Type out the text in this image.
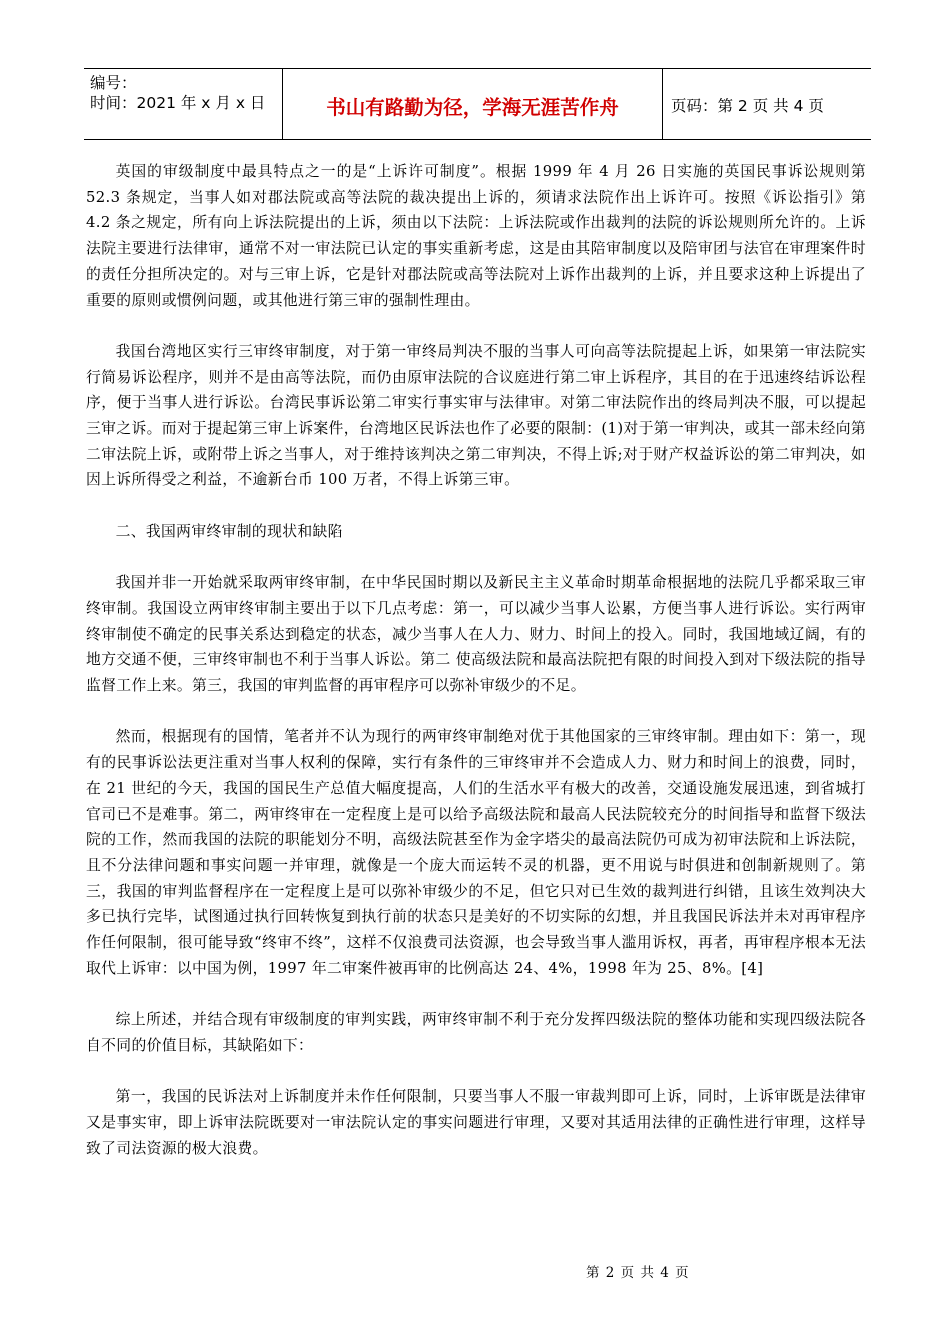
编号：
时间：2021 年 x 月 x 日	书山有路勤为径，学海无涯苦作舟	页码：第 2 页 共 4 页

英国的审级制度中最具特点之一的是“上诉许可制度”。根据 1999 年 4 月 26 日实施的英国民事诉讼规则第 52.3 条规定，当事人如对郡法院或高等法院的裁决提出上诉的，须请求法院作出上诉许可。按照《诉讼指引》第 4.2 条之规定，所有向上诉法院提出的上诉，须由以下法院：上诉法院或作出裁判的法院的诉讼规则所允许的。上诉法院主要进行法律审，通常不对一审法院已认定的事实重新考虑，这是由其陪审制度以及陪审团与法官在审理案件时的责任分担所决定的。对与三审上诉，它是针对郡法院或高等法院对上诉作出裁判的上诉，并且要求这种上诉提出了重要的原则或惯例问题，或其他进行第三审的强制性理由。

我国台湾地区实行三审终审制度，对于第一审终局判决不服的当事人可向高等法院提起上诉，如果第一审法院实行简易诉讼程序，则并不是由高等法院，而仍由原审法院的合议庭进行第二审上诉程序，其目的在于迅速终结诉讼程序，便于当事人进行诉讼。台湾民事诉讼第二审实行事实审与法律审。对第二审法院作出的终局判决不服，可以提起三审之诉。而对于提起第三审上诉案件，台湾地区民诉法也作了必要的限制：(1)对于第一审判决，或其一部未经向第二审法院上诉，或附带上诉之当事人，对于维持该判决之第二审判决，不得上诉;对于财产权益诉讼的第二审判决，如因上诉所得受之利益，不逾新台币 100 万者，不得上诉第三审。

二、我国两审终审制的现状和缺陷

我国并非一开始就采取两审终审制，在中华民国时期以及新民主主义革命时期革命根据地的法院几乎都采取三审终审制。我国设立两审终审制主要出于以下几点考虑：第一，可以减少当事人讼累，方便当事人进行诉讼。实行两审终审制使不确定的民事关系达到稳定的状态，减少当事人在人力、财力、时间上的投入。同时，我国地域辽阔，有的地方交通不便，三审终审制也不利于当事人诉讼。第二 使高级法院和最高法院把有限的时间投入到对下级法院的指导监督工作上来。第三，我国的审判监督的再审程序可以弥补审级少的不足。

然而，根据现有的国情，笔者并不认为现行的两审终审制绝对优于其他国家的三审终审制。理由如下：第一，现有的民事诉讼法更注重对当事人权利的保障，实行有条件的三审终审并不会造成人力、财力和时间上的浪费，同时，在 21 世纪的今天，我国的国民生产总值大幅度提高，人们的生活水平有极大的改善，交通设施发展迅速，到省城打官司已不是难事。第二，两审终审在一定程度上是可以给予高级法院和最高人民法院较充分的时间指导和监督下级法院的工作，然而我国的法院的职能划分不明，高级法院甚至作为金字塔尖的最高法院仍可成为初审法院和上诉法院，且不分法律问题和事实问题一并审理，就像是一个庞大而运转不灵的机器，更不用说与时俱进和创制新规则了。第三，我国的审判监督程序在一定程度上是可以弥补审级少的不足，但它只对已生效的裁判进行纠错，且该生效判决大多已执行完毕，试图通过执行回转恢复到执行前的状态只是美好的不切实际的幻想，并且我国民诉法并未对再审程序作任何限制，很可能导致“终审不终”，这样不仅浪费司法资源，也会导致当事人滥用诉权，再者，再审程序根本无法取代上诉审：以中国为例，1997 年二审案件被再审的比例高达 24、4%，1998 年为 25、8%。[4]

综上所述，并结合现有审级制度的审判实践，两审终审制不利于充分发挥四级法院的整体功能和实现四级法院各自不同的价值目标，其缺陷如下：

第一，我国的民诉法对上诉制度并未作任何限制，只要当事人不服一审裁判即可上诉，同时，上诉审既是法律审又是事实审，即上诉审法院既要对一审法院认定的事实问题进行审理，又要对其适用法律的正确性进行审理，这样导致了司法资源的极大浪费。

第 2 页 共 4 页
